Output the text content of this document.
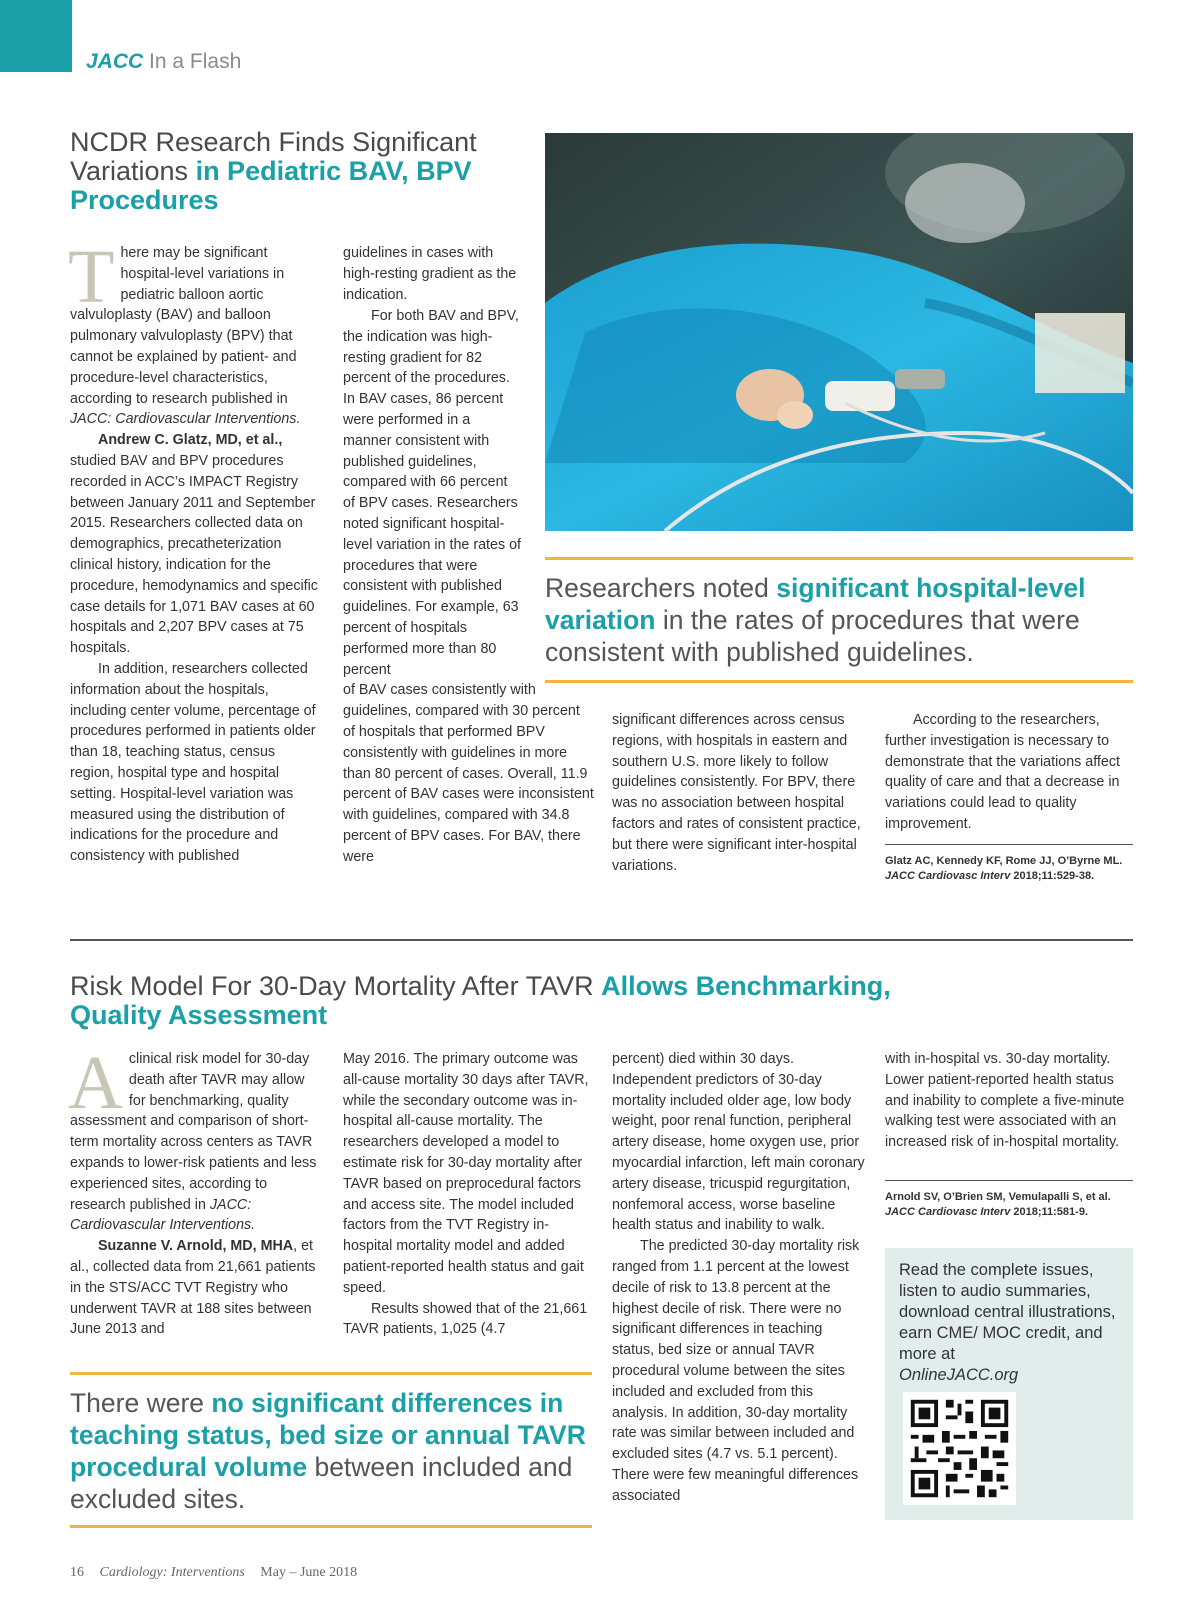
JACC In a Flash
NCDR Research Finds Significant Variations in Pediatric BAV, BPV Procedures

There may be significant hospital-level variations in pediatric balloon aortic valvuloplasty (BAV) and balloon pulmonary valvuloplasty (BPV) that cannot be explained by patient- and procedure-level characteristics, according to research published in JACC: Cardiovascular Interventions.

Andrew C. Glatz, MD, et al., studied BAV and BPV procedures recorded in ACC’s IMPACT Registry between January 2011 and September 2015. Researchers collected data on demographics, precatheterization clinical history, indication for the procedure, hemodynamics and specific case details for 1,071 BAV cases at 60 hospitals and 2,207 BPV cases at 75 hospitals.

In addition, researchers collected information about the hospitals, including center volume, percentage of procedures performed in patients older than 18, teaching status, census region, hospital type and hospital setting. Hospital-level variation was measured using the distribution of indications for the procedure and consistency with published

guidelines in cases with high-resting gradient as the indication.

For both BAV and BPV, the indication was high-resting gradient for 82 percent of the procedures. In BAV cases, 86 percent were performed in a manner consistent with published guidelines, compared with 66 percent of BPV cases. Researchers noted significant hospital-level variation in the rates of procedures that were consistent with published guidelines. For example, 63 percent of hospitals performed more than 80 percent
of BAV cases consistently with guidelines, compared with 30 percent of hospitals that performed BPV consistently with guidelines in more than 80 percent of cases. Overall, 11.9 percent of BAV cases were inconsistent with guidelines, compared with 34.8 percent of BPV cases. For BAV, there were

Researchers noted significant hospital-level variation in the rates of procedures that were consistent with published guidelines.

significant differences across census regions, with hospitals in eastern and southern U.S. more likely to follow guidelines consistently. For BPV, there was no association between hospital factors and rates of consistent practice, but there were significant inter-hospital variations.

According to the researchers, further investigation is necessary to demonstrate that the variations affect quality of care and that a decrease in variations could lead to quality improvement.

Glatz AC, Kennedy KF, Rome JJ, O’Byrne ML.
JACC Cardiovasc Interv 2018;11:529-38.
Risk Model For 30-Day Mortality After TAVR Allows Benchmarking, Quality Assessment

Aclinical risk model for 30-day death after TAVR may allow for benchmarking, quality assessment and comparison of short-term mortality across centers as TAVR expands to lower-risk patients and less experienced sites, according to research published in JACC: Cardiovascular Interventions.

Suzanne V. Arnold, MD, MHA, et al., collected data from 21,661 patients in the STS/ACC TVT Registry who underwent TAVR at 188 sites between June 2013 and

May 2016. The primary outcome was all-cause mortality 30 days after TAVR, while the secondary outcome was in-hospital all-cause mortality. The researchers developed a model to estimate risk for 30-day mortality after TAVR based on preprocedural factors and access site. The model included factors from the TVT Registry in-hospital mortality model and added patient-reported health status and gait speed.

Results showed that of the 21,661 TAVR patients, 1,025 (4.7

There were no significant differences in teaching status, bed size or annual TAVR procedural volume between included and excluded sites.

percent) died within 30 days. Independent predictors of 30-day mortality included older age, low body weight, poor renal function, peripheral artery disease, home oxygen use, prior myocardial infarction, left main coronary artery disease, tricuspid regurgitation, nonfemoral access, worse baseline health status and inability to walk.

The predicted 30-day mortality risk ranged from 1.1 percent at the lowest decile of risk to 13.8 percent at the highest decile of risk. There were no significant differences in teaching status, bed size or annual TAVR procedural volume between the sites included and excluded from this analysis. In addition, 30-day mortality rate was similar between included and excluded sites (4.7 vs. 5.1 percent). There were few meaningful differences associated

with in-hospital vs. 30-day mortality. Lower patient-reported health status and inability to complete a five-minute walking test were associated with an increased risk of in-hospital mortality.

Arnold SV, O’Brien SM, Vemulapalli S, et al. JACC Cardiovasc Interv 2018;11:581-9.
Read the complete issues, listen to audio summaries, download central illustrations, earn CME/ MOC credit, and more at
OnlineJACC.org
16 Cardiology: Interventions May – June 2018
